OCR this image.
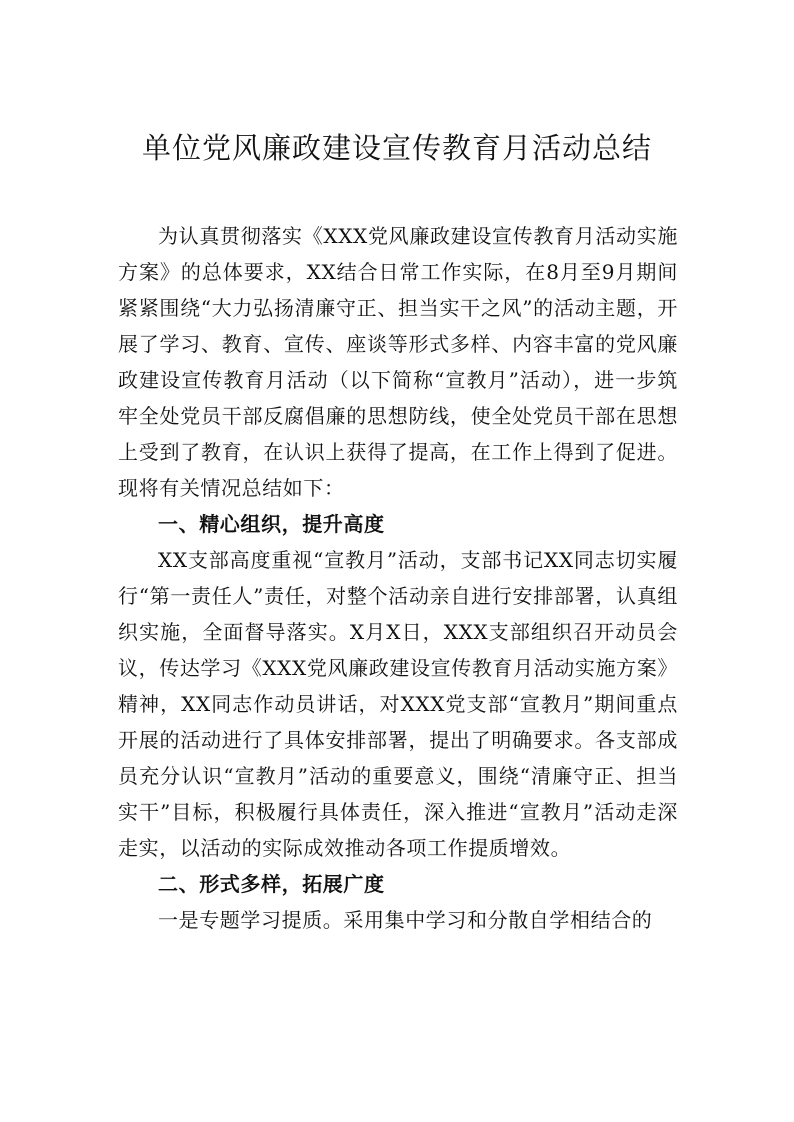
单位党风廉政建设宣传教育月活动总结

为认真贯彻落实《XXX党风廉政建设宣传教育月活动实施方案》的总体要求，XX结合日常工作实际，在8月至9月期间紧紧围绕“大力弘扬清廉守正、担当实干之风”的活动主题，开展了学习、教育、宣传、座谈等形式多样、内容丰富的党风廉政建设宣传教育月活动（以下简称“宣教月”活动），进一步筑牢全处党员干部反腐倡廉的思想防线，使全处党员干部在思想上受到了教育，在认识上获得了提高，在工作上得到了促进。现将有关情况总结如下：

一、精心组织，提升高度

XX支部高度重视“宣教月”活动，支部书记XX同志切实履行“第一责任人”责任，对整个活动亲自进行安排部署，认真组织实施，全面督导落实。X月X日，XXX支部组织召开动员会议，传达学习《XXX党风廉政建设宣传教育月活动实施方案》精神，XX同志作动员讲话，对XXX党支部“宣教月”期间重点开展的活动进行了具体安排部署，提出了明确要求。各支部成员充分认识“宣教月”活动的重要意义，围绕“清廉守正、担当实干”目标，积极履行具体责任，深入推进“宣教月”活动走深走实，以活动的实际成效推动各项工作提质增效。

二、形式多样，拓展广度

一是专题学习提质。采用集中学习和分散自学相结合的
